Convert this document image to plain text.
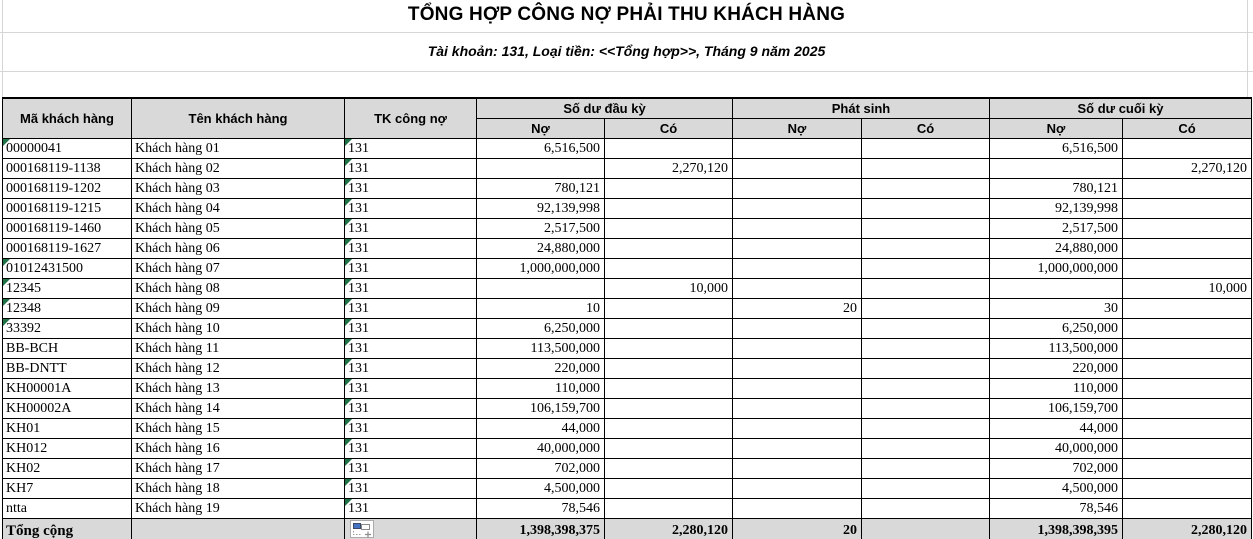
TỔNG HỢP CÔNG NỢ PHẢI THU KHÁCH HÀNG
Tài khoản: 131, Loại tiền: <<Tổng hợp>>, Tháng 9 năm 2025
Mã khách hàng	Tên khách hàng	TK công nợ	Số dư đầu kỳ		Phát sinh		Số dư cuối kỳ	
			Nợ	Có	Nợ	Có	Nợ	Có
00000041	Khách hàng 01	131	6,516,500				6,516,500	
000168119-1138	Khách hàng 02	131		2,270,120				2,270,120
000168119-1202	Khách hàng 03	131	780,121				780,121	
000168119-1215	Khách hàng 04	131	92,139,998				92,139,998	
000168119-1460	Khách hàng 05	131	2,517,500				2,517,500	
000168119-1627	Khách hàng 06	131	24,880,000				24,880,000	
01012431500	Khách hàng 07	131	1,000,000,000				1,000,000,000	
12345	Khách hàng 08	131		10,000				10,000
12348	Khách hàng 09	131	10		20		30	
33392	Khách hàng 10	131	6,250,000				6,250,000	
BB-BCH	Khách hàng 11	131	113,500,000				113,500,000	
BB-DNTT	Khách hàng 12	131	220,000				220,000	
KH00001A	Khách hàng 13	131	110,000				110,000	
KH00002A	Khách hàng 14	131	106,159,700				106,159,700	
KH01	Khách hàng 15	131	44,000				44,000	
KH012	Khách hàng 16	131	40,000,000				40,000,000	
KH02	Khách hàng 17	131	702,000				702,000	
KH7	Khách hàng 18	131	4,500,000				4,500,000	
ntta	Khách hàng 19	131	78,546				78,546	
Tổng cộng			1,398,398,375	2,280,120	20		1,398,398,395	2,280,120
